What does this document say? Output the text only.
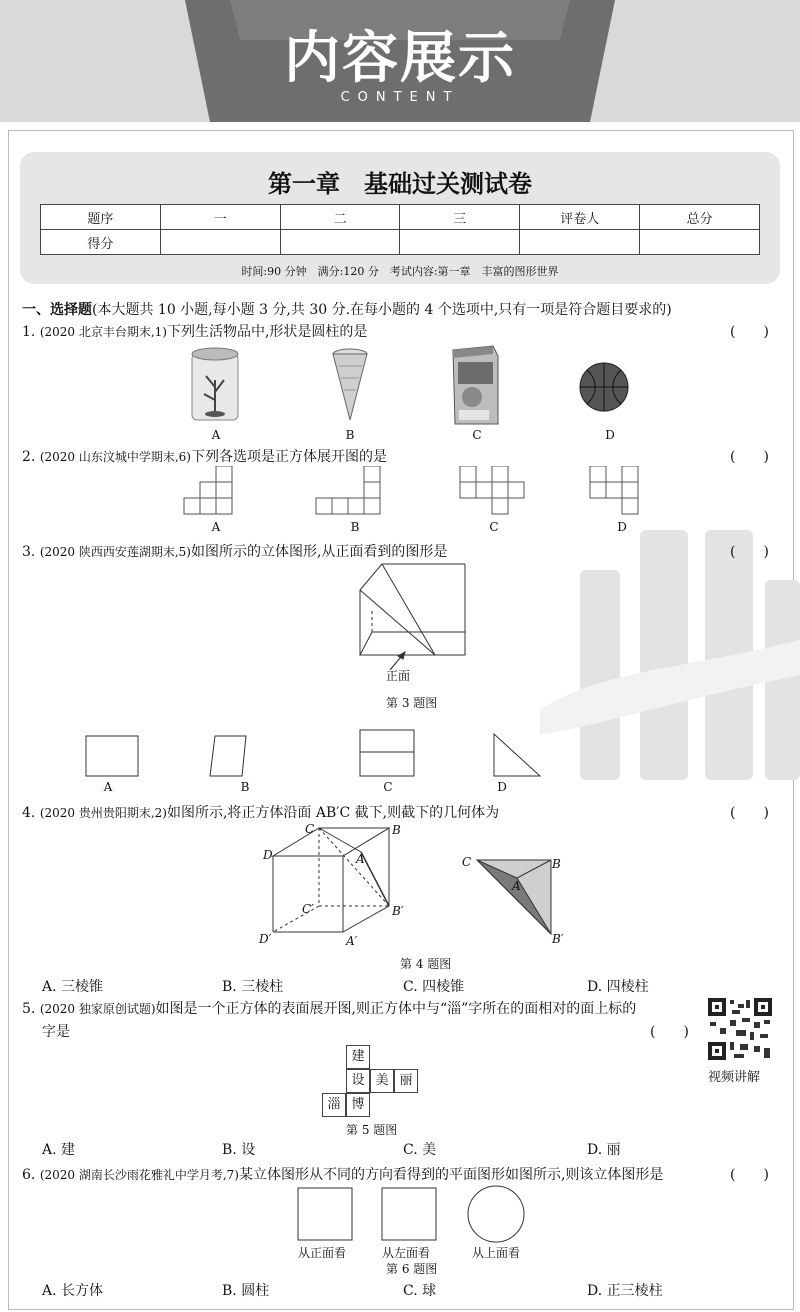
内容展示
CONTENT
第一章　基础过关测试卷
题序	一	二	三	评卷人	总分
得分					
时间:90 分钟　满分:120 分　考试内容:第一章　丰富的图形世界
一、选择题(本大题共 10 小题,每小题 3 分,共 30 分.在每小题的 4 个选项中,只有一项是符合题目要求的)
1. (2020 北京丰台期末,1)下列生活物品中,形状是圆柱的是	(　　)
A	B	C	D
2. (2020 山东汶城中学期末,6)下列各选项是正方体展开图的是	(　　)
A	B	C	D
3. (2020 陕西西安莲湖期末,5)如图所示的立体图形,从正面看到的图形是	(　　)
正面
第 3 题图
A	B	C	D
4. (2020 贵州贵阳期末,2)如图所示,将正方体沿面 AB′C 截下,则截下的几何体为	(　　)
C	B
D	A
C′	B′
D′	A′
C	B
A
B′
第 4 题图
A. 三棱锥	B. 三棱柱	C. 四棱锥	D. 四棱柱
5. (2020 独家原创试题)如图是一个正方体的表面展开图,则正方体中与“淄”字所在的面相对的面上标的
字是	(　　)
视频讲解
建
设 美 丽
淄 博
第 5 题图
A. 建	B. 设	C. 美	D. 丽
6. (2020 湖南长沙雨花雅礼中学月考,7)某立体图形从不同的方向看得到的平面图形如图所示,则该立体图形是	(　　)
从正面看	从左面看	从上面看
第 6 题图
A. 长方体	B. 圆柱	C. 球	D. 正三棱柱
